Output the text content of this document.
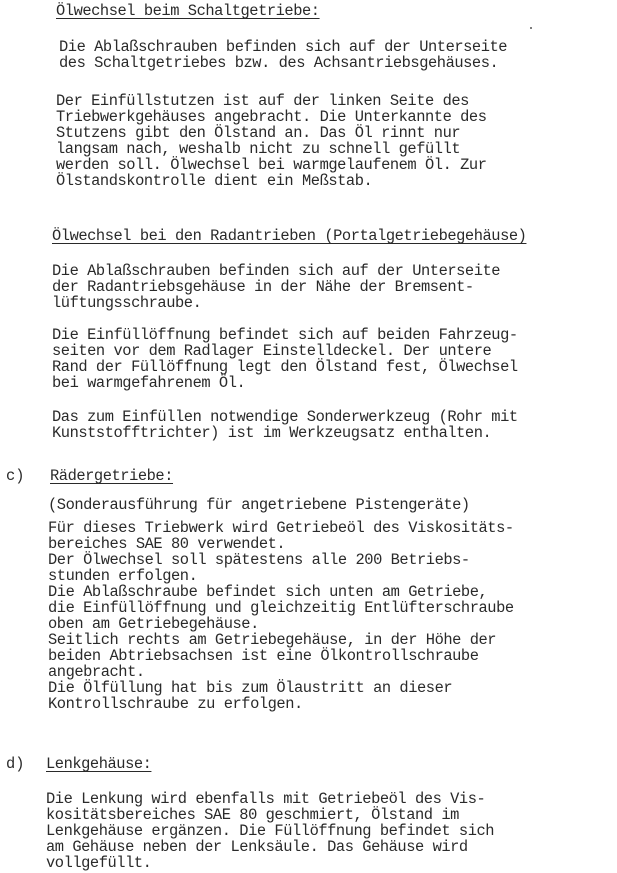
Ölwechsel beim Schaltgetriebe:
Die Ablaßschrauben befinden sich auf der Unterseite
des Schaltgetriebes bzw. des Achsantriebsgehäuses.
Der Einfüllstutzen ist auf der linken Seite des
Triebwerkgehäuses angebracht. Die Unterkannte des
Stutzens gibt den Ölstand an. Das Öl rinnt nur
langsam nach, weshalb nicht zu schnell gefüllt
werden soll. Ölwechsel bei warmgelaufenem Öl. Zur
Ölstandskontrolle dient ein Meßstab.
Ölwechsel bei den Radantrieben (Portalgetriebegehäuse)
Die Ablaßschrauben befinden sich auf der Unterseite
der Radantriebsgehäuse in der Nähe der Bremsent-
lüftungsschraube.
Die Einfüllöffnung befindet sich auf beiden Fahrzeug-
seiten vor dem Radlager Einstelldeckel. Der untere
Rand der Füllöffnung legt den Ölstand fest, Ölwechsel
bei warmgefahrenem Öl.
Das zum Einfüllen notwendige Sonderwerkzeug (Rohr mit
Kunststofftrichter) ist im Werkzeugsatz enthalten.
c) Rädergetriebe:
(Sonderausführung für angetriebene Pistengeräte)
Für dieses Triebwerk wird Getriebeöl des Viskositäts-
bereiches SAE 80 verwendet.
Der Ölwechsel soll spätestens alle 200 Betriebs-
stunden erfolgen.
Die Ablaßschraube befindet sich unten am Getriebe,
die Einfüllöffnung und gleichzeitig Entlüfterschraube
oben am Getriebegehäuse.
Seitlich rechts am Getriebegehäuse, in der Höhe der
beiden Abtriebsachsen ist eine Ölkontrollschraube
angebracht.
Die Ölfüllung hat bis zum Ölaustritt an dieser
Kontrollschraube zu erfolgen.
d) Lenkgehäuse:
Die Lenkung wird ebenfalls mit Getriebeöl des Vis-
kositätsbereiches SAE 80 geschmiert, Ölstand im
Lenkgehäuse ergänzen. Die Füllöffnung befindet sich
am Gehäuse neben der Lenksäule. Das Gehäuse wird
vollgefüllt.
